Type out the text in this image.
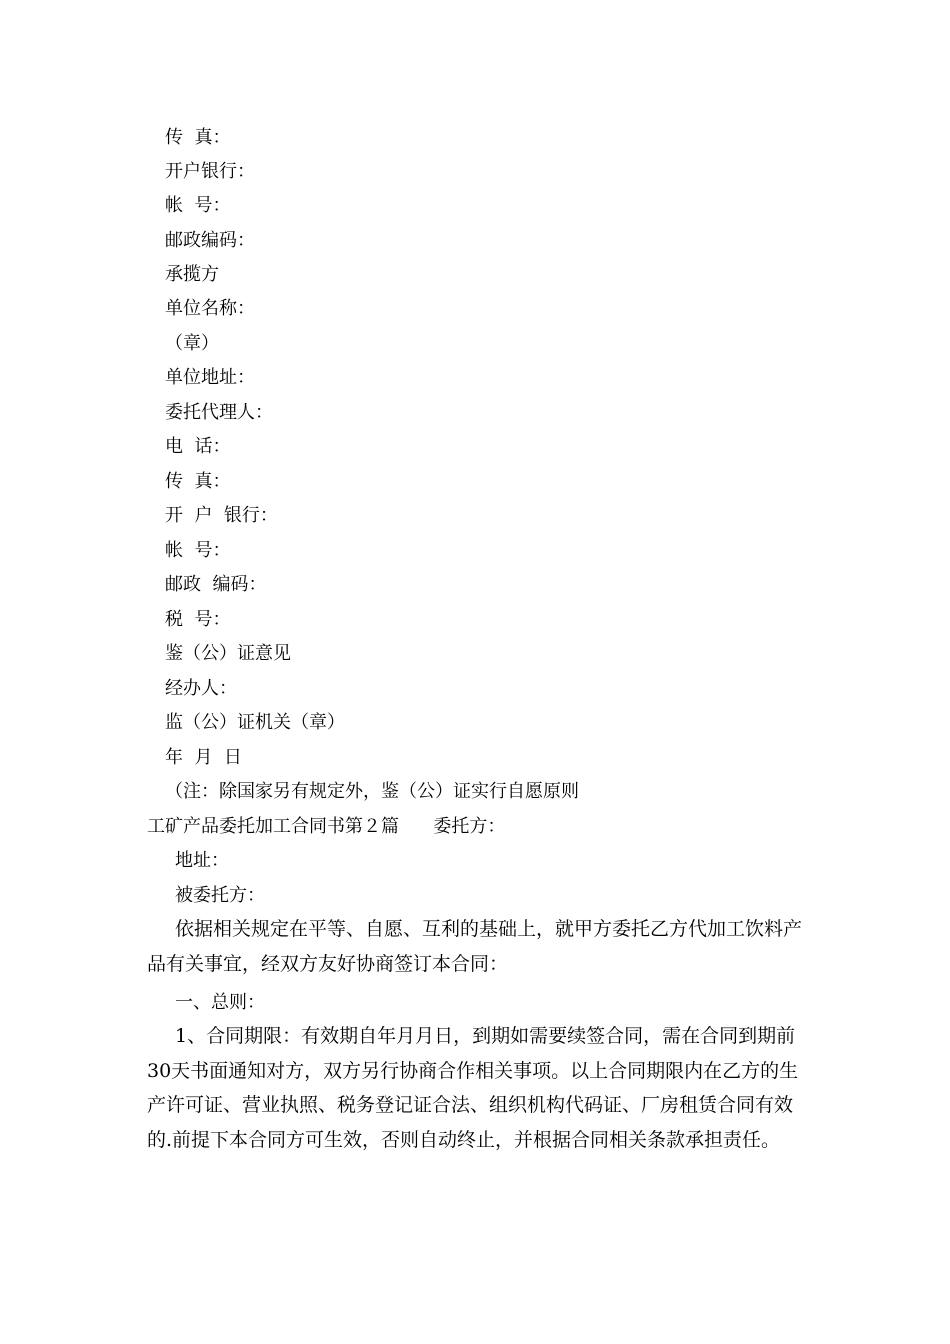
传  真：
开户银行：
帐  号：
邮政编码：
承揽方
单位名称：
（章）
单位地址：
委托代理人：
电  话：
传  真：
开  户  银行：
帐  号：
邮政  编码：
税  号：
鉴（公）证意见
经办人：
监（公）证机关（章）
年  月  日
（注：除国家另有规定外，鉴（公）证实行自愿原则
工矿产品委托加工合同书第２篇      委托方：
地址：
被委托方：

依据相关规定在平等、自愿、互利的基础上，就甲方委托乙方代加工饮料产品有关事宜，经双方友好协商签订本合同：

一、总则：

1、合同期限：有效期自年月月日，到期如需要续签合同，需在合同到期前30天书面通知对方，双方另行协商合作相关事项。以上合同期限内在乙方的生产许可证、营业执照、税务登记证合法、组织机构代码证、厂房租赁合同有效的.前提下本合同方可生效，否则自动终止，并根据合同相关条款承担责任。
